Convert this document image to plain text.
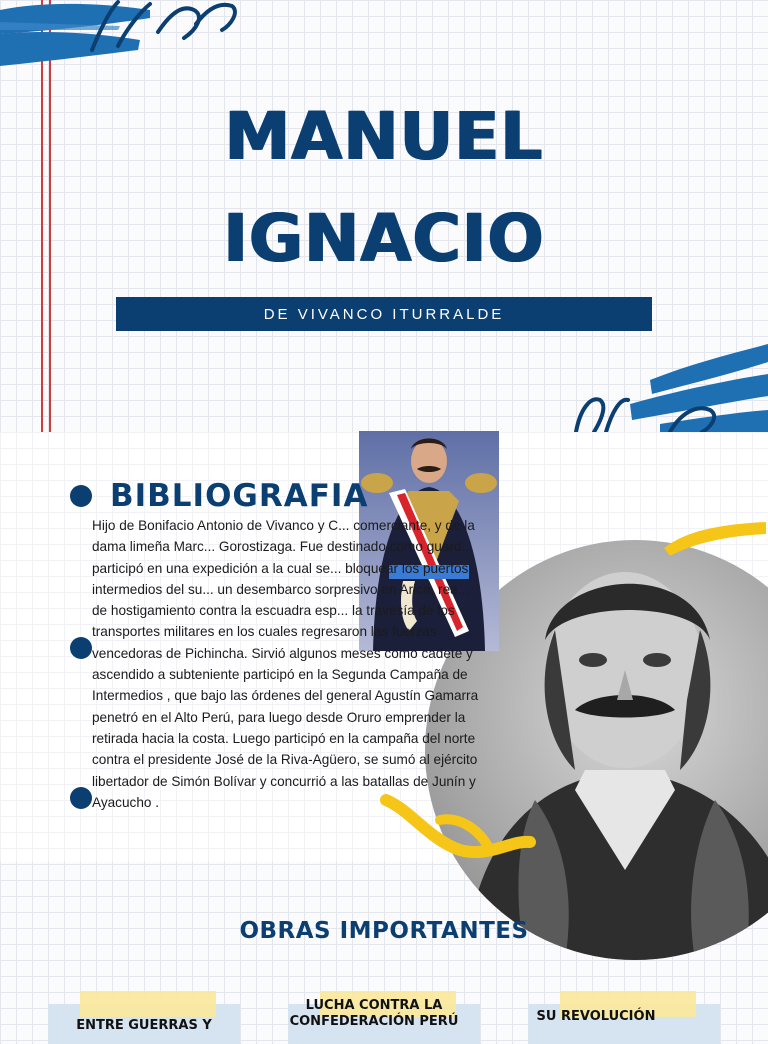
MANUEL
IGNACIO
DE VIVANCO ITURRALDE
BIBLIOGRAFIA
Hijo de Bonifacio Antonio de Vivanco y C... comerciante, y de la dama limeña Marc... Gorostizaga. Fue destinado como guard... participó en una expedición a la cual se... bloquear los puertos intermedios del su... un desembarco sorpresivo en Arica, rea... de hostigamiento contra la escuadra esp... la travesía de los transportes militares en los cuales regresaron las fuerzas vencedoras de Pichincha. Sirvió algunos meses como cadete y ascendido a subteniente participó en la Segunda Campaña de Intermedios , que bajo las órdenes del general Agustín Gamarra penetró en el Alto Perú, para luego desde Oruro emprender la retirada hacia la costa. Luego participó en la campaña del norte contra el presidente José de la Riva-Agüero, se sumó al ejército libertador de Simón Bolívar y concurrió a las batallas de Junín y Ayacucho .
OBRAS IMPORTANTES
ENTRE GUERRAS Y
LUCHA CONTRA LA CONFEDERACIÓN PERÚ	SU REVOLUCIÓN
